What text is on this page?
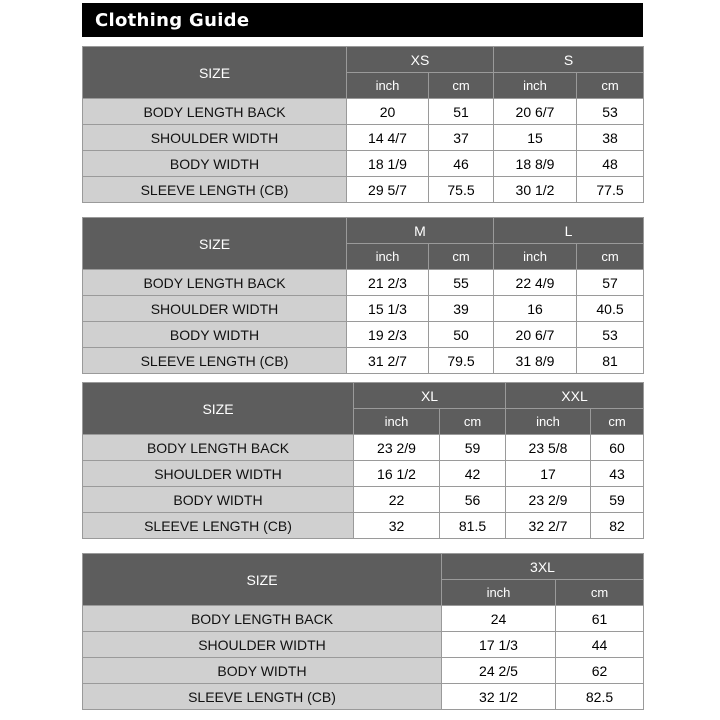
Clothing Guide
SIZE	XS		S	
	inch	cm	inch	cm
BODY LENGTH BACK	20	51	20 6/7	53
SHOULDER WIDTH	14 4/7	37	15	38
BODY WIDTH	18 1/9	46	18 8/9	48
SLEEVE LENGTH (CB)	29 5/7	75.5	30 1/2	77.5
SIZE	M		L	
	inch	cm	inch	cm
BODY LENGTH BACK	21 2/3	55	22 4/9	57
SHOULDER WIDTH	15 1/3	39	16	40.5
BODY WIDTH	19 2/3	50	20 6/7	53
SLEEVE LENGTH (CB)	31 2/7	79.5	31 8/9	81
SIZE	XL		XXL	
	inch	cm	inch	cm
BODY LENGTH BACK	23 2/9	59	23 5/8	60
SHOULDER WIDTH	16 1/2	42	17	43
BODY WIDTH	22	56	23 2/9	59
SLEEVE LENGTH (CB)	32	81.5	32 2/7	82
SIZE	3XL	
	inch	cm
BODY LENGTH BACK	24	61
SHOULDER WIDTH	17 1/3	44
BODY WIDTH	24 2/5	62
SLEEVE LENGTH (CB)	32 1/2	82.5
